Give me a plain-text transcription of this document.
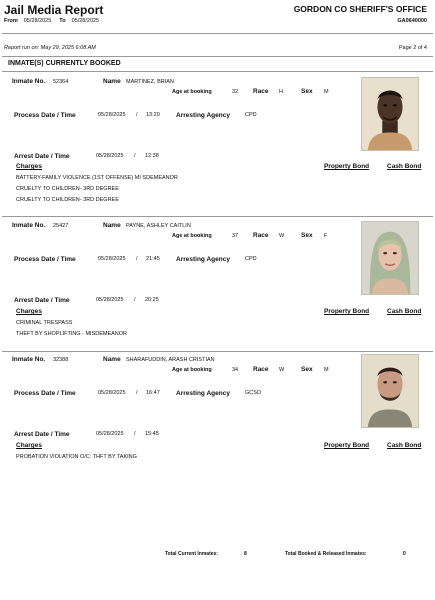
Jail Media Report
From 05/28/2025 To 05/28/2025
GORDON CO SHERIFF'S OFFICE
GA0640000
Report run on: May 29, 2025 6:08 AM	Page 2 of 4
INMATE(S) CURRENTLY BOOKED
Inmate No. 52364	Name MARTINEZ, BRIAN
Age at booking	32 Race H	Sex M
Process Date / Time	05/28/2025 / 13:20 Arresting Agency	CPD
Arrest Date / Time	05/28/2025 / 12:38
Charges	Property Bond	Cash Bond
BATTERY-FAMILY VIOLENCE (1ST OFFENSE) MI SDEMEANOR
CRUELTY TO CHILDREN- 3RD DEGREE
CRUELTY TO CHILDREN- 3RD DEGREE
Inmate No. 25427	Name PAYNE, ASHLEY CAITLIN
Age at booking	37 Race W	Sex F
Process Date / Time	05/28/2025 / 21:45 Arresting Agency	CPD
Arrest Date / Time	05/28/2025 / 20:25
Charges	Property Bond	Cash Bond
CRIMINAL TRESPASS
THEFT BY SHOPLIFTING - MISDEMEANOR
Inmate No. 32388	Name SHARAFUDDIN, ARASH CRISTIAN
Age at booking	34 Race W	Sex M
Process Date / Time	05/28/2025 / 16:47 Arresting Agency	GCSO
Arrest Date / Time	05/28/2025 / 15:45
Charges	Property Bond	Cash Bond
PROBATION VIOLATION O/C: THFT BY TAKING
Total Current Inmates:	8	Total Booked & Released Inmates:	0
